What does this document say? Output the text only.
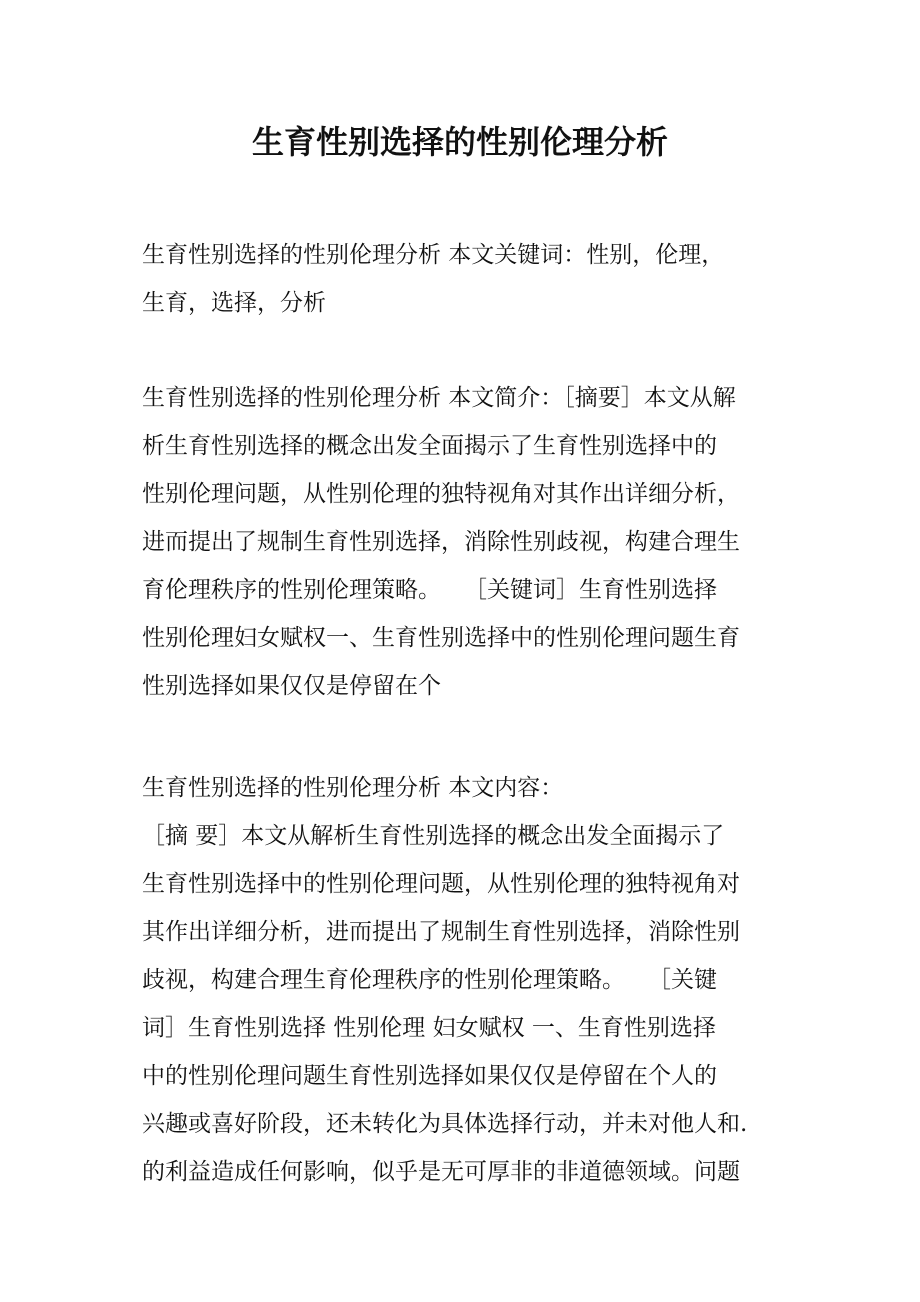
生育性别选择的性别伦理分析
生育性别选择的性别伦理分析 本文关键词：性别，伦理，
生育，选择，分析
生育性别选择的性别伦理分析 本文简介：［摘要］本文从解
析生育性别选择的概念出发全面揭示了生育性别选择中的
性别伦理问题，从性别伦理的独特视角对其作出详细分析，
进而提出了规制生育性别选择，消除性别歧视，构建合理生
育伦理秩序的性别伦理策略。　　［关键词］生育性别选择
性别伦理妇女赋权一、生育性别选择中的性别伦理问题生育
性别选择如果仅仅是停留在个
生育性别选择的性别伦理分析 本文内容：
［摘 要］本文从解析生育性别选择的概念出发全面揭示了
生育性别选择中的性别伦理问题，从性别伦理的独特视角对
其作出详细分析，进而提出了规制生育性别选择，消除性别
歧视，构建合理生育伦理秩序的性别伦理策略。　　［关键
词］生育性别选择 性别伦理 妇女赋权 一、生育性别选择
中的性别伦理问题生育性别选择如果仅仅是停留在个人的
兴趣或喜好阶段，还未转化为具体选择行动，并未对他人和.
的利益造成任何影响，似乎是无可厚非的非道德领域。问题
